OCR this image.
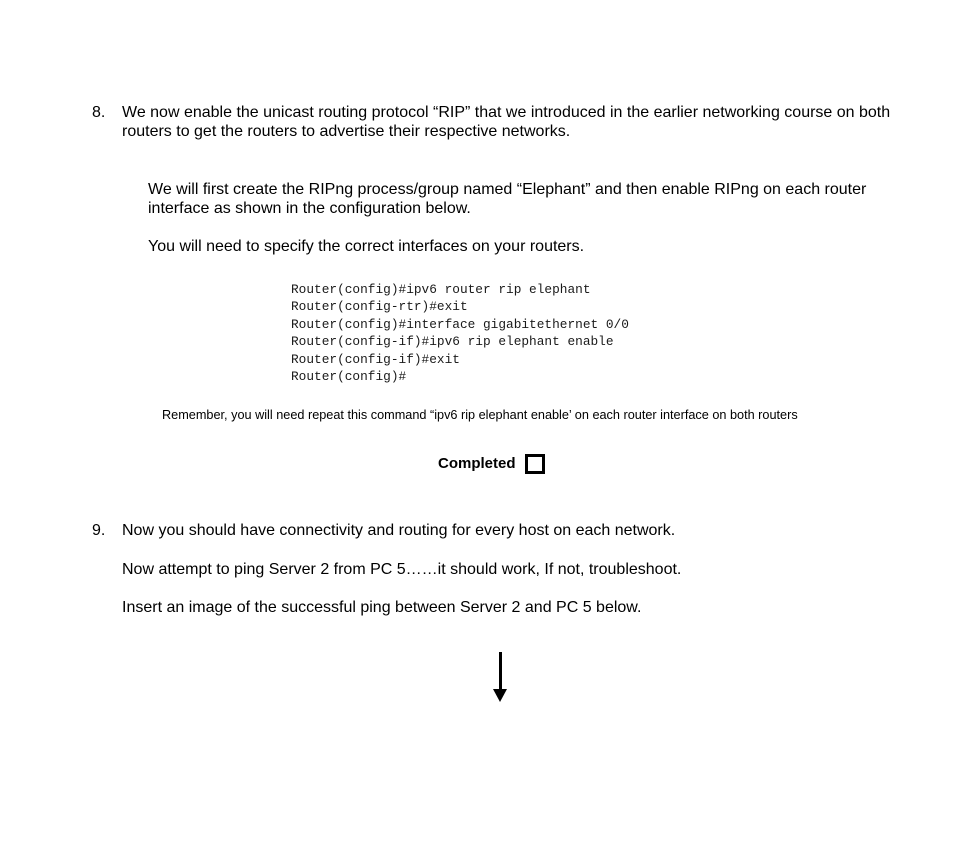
8. We now enable the unicast routing protocol “RIP” that we introduced in the earlier networking course on both routers to get the routers to advertise their respective networks.

We will first create the RIPng process/group named “Elephant” and then enable RIPng on each router interface as shown in the configuration below.

You will need to specify the correct interfaces on your routers.

Router(config)#ipv6 router rip elephant
Router(config-rtr)#exit
Router(config)#interface gigabitethernet 0/0
Router(config-if)#ipv6 rip elephant enable
Router(config-if)#exit
Router(config)#
Remember, you will need repeat this command “ipv6 rip elephant enable’ on each router interface on both routers
Completed
9. Now you should have connectivity and routing for every host on each network.

Now attempt to ping Server 2 from PC 5……it should work, If not, troubleshoot.

Insert an image of the successful ping between Server 2 and PC 5 below.
